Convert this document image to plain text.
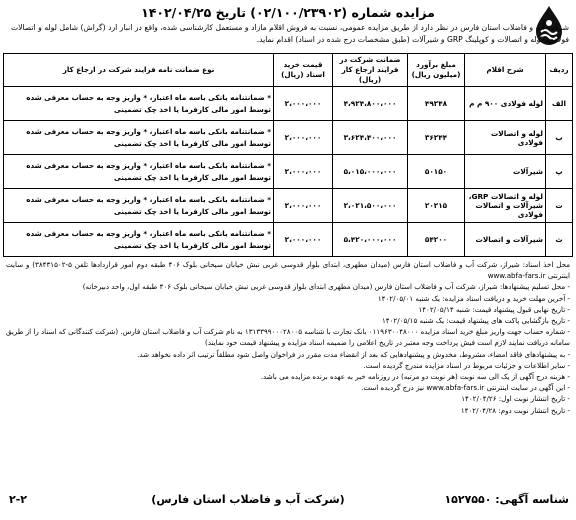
مزایده شماره (۰۲/۱۰۰/۲۳۹۰۲) تاریخ ۱۴۰۲/۰۴/۲۵
شرکت آب و فاضلاب استان فارس در نظر دارد از طریق مزایده عمومی، نسبت به فروش اقلام مازاد و مستعمل کارشناسی شده، واقع در انبار ارد (گراش) شامل لوله و اتصالات فولادی، لوله و اتصالات و کوپلینگ GRP و شیرآلات (طبق مشخصات درج شده در اسناد) اقدام نماید.
ردیف	شرح اقلام	مبلغ برآورد (میلیون ریال)	ضمانت شرکت در فرایند ارجاع کار (ریال)	قیمت خرید اسناد (ریال)	نوع ضمانت نامه فرایند شرکت در ارجاع کار
الف	لوله فولادی ۹۰۰ م م	۴۹۲۴۸	۴،۹۲۴،۸۰۰،۰۰۰	۲،۰۰۰،۰۰۰	* ضمانتنامه بانکی باسه ماه اعتبار، * واریز وجه به حساب معرفی شده توسط امور مالی کارفرما یا اخذ چک تضمینی
ب	لوله و اتصالات فولادی	۳۶۲۴۴	۳،۶۲۴،۴۰۰،۰۰۰	۲،۰۰۰،۰۰۰	* ضمانتنامه بانکی باسه ماه اعتبار، * واریز وجه به حساب معرفی شده توسط امور مالی کارفرما یا اخذ چک تضمینی
پ	شیرآلات	۵۰۱۵۰	۵،۰۱۵،۰۰۰،۰۰۰	۲،۰۰۰،۰۰۰	* ضمانتنامه بانکی باسه ماه اعتبار، * واریز وجه به حساب معرفی شده توسط امور مالی کارفرما یا اخذ چک تضمینی
ت	لوله و اتصالات GRP، شیرآلات و اتصالات فولادی	۲۰۲۱۵	۲،۰۲۱،۵۰۰،۰۰۰	۲،۰۰۰،۰۰۰	* ضمانتنامه بانکی باسه ماه اعتبار، * واریز وجه به حساب معرفی شده توسط امور مالی کارفرما یا اخذ چک تضمینی
ث	شیرآلات و اتصالات	۵۴۲۰۰	۵،۴۲۰،۰۰۰،۰۰۰	۲،۰۰۰،۰۰۰	* ضمانتنامه بانکی باسه ماه اعتبار، * واریز وجه به حساب معرفی شده توسط امور مالی کارفرما یا اخذ چک تضمینی
محل اخذ اسناد: شیراز، شرکت آب و فاضلاب استان فارس (میدان مطهری، ابتدای بلوار قدوسی غربی نبش خیابان سیحانی بلوک ۴۰۶ طبقه دوم امور قراردادها تلفن ۵-۳۸۴۳۱۵۰۲) و سایت اینترنتی www.abfa-fars.ir
- محل تسلیم پیشنهادها: شیراز، شرکت آب و فاضلاب استان فارس (میدان مطهری ابتدای بلوار قدوسی غربی نبش خیابان سیحانی بلوک ۴۰۶ طبقه اول، واحد دبیرخانه)
- آخرین مهلت خرید و دریافت اسناد مزایده: یک شنبه ۱۴۰۲/۰۵/۰۱
- تاریخ نهایی قبول پیشنهاد قیمت: شنبه ۱۴۰۲/۰۵/۱۴
- تاریخ بازگشایی پاکت های پیشنهاد قیمت: یک شنبه ۱۴۰۲/۰۵/۱۵
- شماره حساب جهت واریز مبلغ خرید اسناد مزایده ۰۱۱۹۶۳۰۰۴۸۰۰۰ بانک تجارت با شناسه ۱۳۱۳۳۹۹۰۰۰۲۸۰۰۵ به نام شرکت آب و فاضلاب استان فارس. (شرکت کنندگانی که اسناد را از طریق سامانه دریافت نمایند لازم است فیش پرداخت وجه معتبر در تاریخ اعلامی را ضمیمه اسناد مزایده و پیشنهاد قیمت خود نمایند)
- به پیشنهادهای فاقد امضاء، مشروط، مخدوش و پیشنهادهایی که بعد از انقضاء مدت مقرر در فراخوان واصل شود مطلقاً ترتیب اثر داده نخواهد شد.
- سایر اطلاعات و جزئیات مربوط در اسناد مزایده مندرج گردیده است.
- هزینه درج آگهی از یک الی سه نوبت (هر نوبت دو مرتبه) در روزنامه خبر به عهده برنده مزایده می باشد.
- این آگهی در سایت اینترنتی www.abfa-fars.ir نیز درج گردیده است.
- تاریخ انتشار نوبت اول: ۱۴۰۲/۰۴/۲۶
- تاریخ انتشار نوبت دوم: ۱۴۰۲/۰۴/۲۸
شناسه آگهی: ۱۵۲۷۵۵۰
(شرکت آب و فاضلاب استان فارس)
۲-۲
